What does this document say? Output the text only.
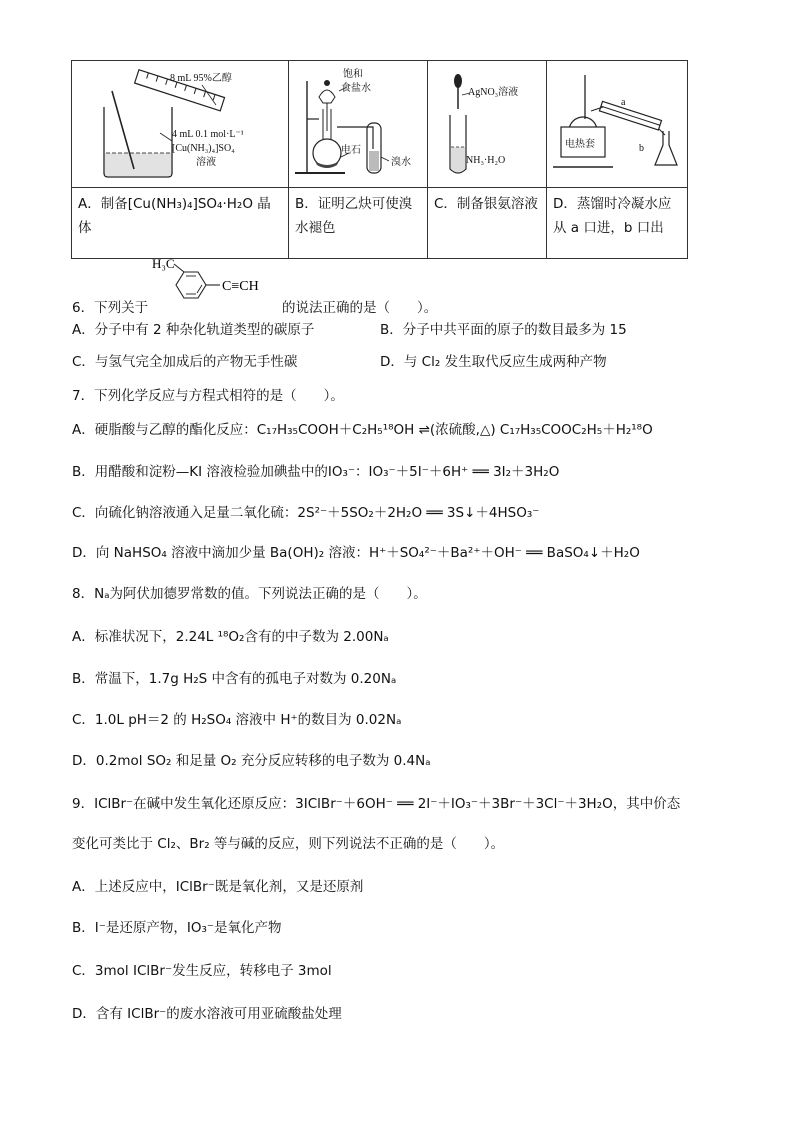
8 mL 95%乙醇
4 mL 0.1 mol·L⁻¹
[Cu(NH₃)₄]SO₄
溶液	饱和
食盐水
电石
溴水	AgNO₃溶液
NH₃·H₂O	电热套
a
b

A．制备[Cu(NH₃)₄]SO₄·H₂O 晶体	B．证明乙炔可使溴水褪色	C．制备银氨溶液	D．蒸馏时冷凝水应从 a 口进，b 口出
H₃C
C≡CH
6．下列关于	的说法正确的是（　　）。
A．分子中有 2 种杂化轨道类型的碳原子	B．分子中共平面的原子的数目最多为 15
C．与氢气完全加成后的产物无手性碳	D．与 Cl₂ 发生取代反应生成两种产物
7．下列化学反应与方程式相符的是（　　）。
A．硬脂酸与乙醇的酯化反应：C₁₇H₃₅COOH＋C₂H₅¹⁸OH ⇌(浓硫酸,△) C₁₇H₃₅COOC₂H₅＋H₂¹⁸O
B．用醋酸和淀粉—KI 溶液检验加碘盐中的IO₃⁻：IO₃⁻＋5I⁻＋6H⁺ ══ 3I₂＋3H₂O
C．向硫化钠溶液通入足量二氧化硫：2S²⁻＋5SO₂＋2H₂O ══ 3S↓＋4HSO₃⁻
D．向 NaHSO₄ 溶液中滴加少量 Ba(OH)₂ 溶液：H⁺＋SO₄²⁻＋Ba²⁺＋OH⁻ ══ BaSO₄↓＋H₂O
8．Nₐ为阿伏加德罗常数的值。下列说法正确的是（　　）。
A．标准状况下，2.24L ¹⁸O₂含有的中子数为 2.00Nₐ
B．常温下，1.7g H₂S 中含有的孤电子对数为 0.20Nₐ
C．1.0L pH＝2 的 H₂SO₄ 溶液中 H⁺的数目为 0.02Nₐ
D．0.2mol SO₂ 和足量 O₂ 充分反应转移的电子数为 0.4Nₐ
9．IClBr⁻在碱中发生氧化还原反应：3IClBr⁻＋6OH⁻ ══ 2I⁻＋IO₃⁻＋3Br⁻＋3Cl⁻＋3H₂O，其中价态
变化可类比于 Cl₂、Br₂ 等与碱的反应，则下列说法不正确的是（　　）。
A．上述反应中，IClBr⁻既是氧化剂，又是还原剂
B．I⁻是还原产物，IO₃⁻是氧化产物
C．3mol IClBr⁻发生反应，转移电子 3mol
D．含有 IClBr⁻的废水溶液可用亚硫酸盐处理
